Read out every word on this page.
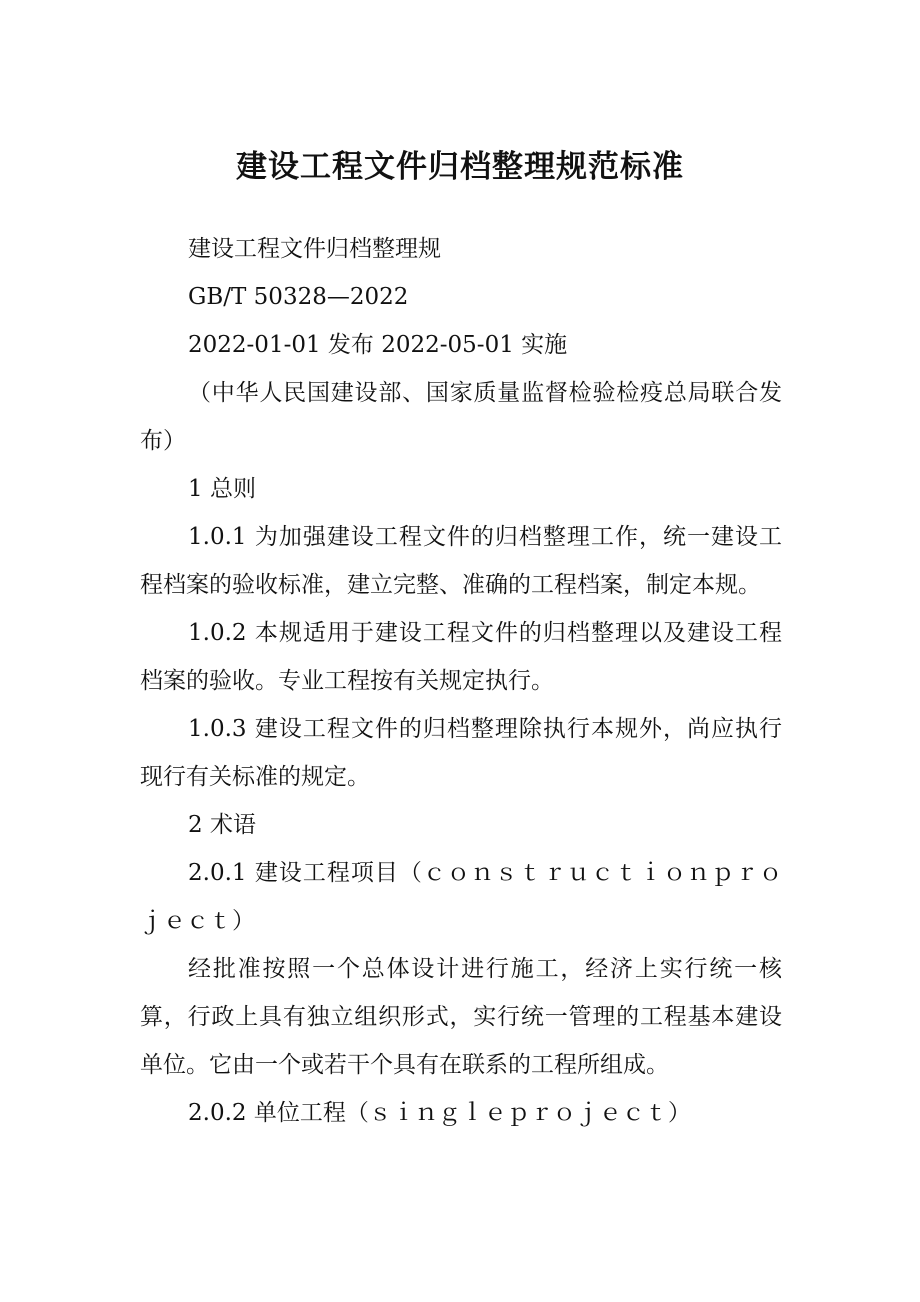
建设工程文件归档整理规范标准

建设工程文件归档整理规

GB/T 50328—2022

2022-01-01 发布 2022-05-01 实施

（中华人民国建设部、国家质量监督检验检疫总局联合发布）

1 总则

1.0.1 为加强建设工程文件的归档整理工作，统一建设工程档案的验收标准，建立完整、准确的工程档案，制定本规。

1.0.2 本规适用于建设工程文件的归档整理以及建设工程档案的验收。专业工程按有关规定执行。

1.0.3 建设工程文件的归档整理除执行本规外，尚应执行现行有关标准的规定。

2 术语

2.0.1 建设工程项目（ｃｏｎｓｔｒｕｃｔｉｏｎｐｒｏｊｅｃｔ）

经批准按照一个总体设计进行施工，经济上实行统一核算，行政上具有独立组织形式，实行统一管理的工程基本建设单位。它由一个或若干个具有在联系的工程所组成。

2.0.2 单位工程（ｓｉｎｇｌｅｐｒｏｊｅｃｔ）
